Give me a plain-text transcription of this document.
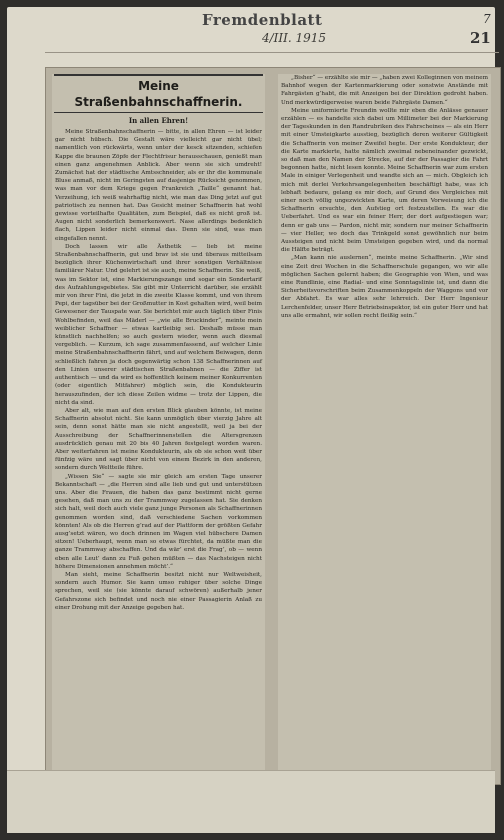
Fremdenblatt
4/III. 1915
7
21

Meine Straßenbahnschaffnerin.

In allen Ehren!

Meine Straßenbahnschaffnerin — bitte, in allen Ehren — ist leider gar nicht hübsch. Die Gestalt wäre vielleicht gar nicht übel; namentlich von rückwärts, wenn unter der kesck sitzenden, schiefen Kappe die braunen Zöpfe der Flechtfrisur herausschauen, genießt man einen ganz angenehmen Anblick. Aber wenn sie sich umdreht! Zumächst hat der städtische Amtsschneider, als er ihr die kommunale Bluse anmaß, nicht im Geringsten auf dasjenige Rücksicht genommen, was man vor dem Kriege gegen Frankreich „Taille“ genannt hat. Verzeihung, ich weiß wahrhaftig nicht, wie man das Ding jetzt auf gut patriotisch zu nennen hat. Das Gesicht meiner Schaffnerin hat wohl gewisse vorteilhafte Qualitäten, zum Beispiel, daß es nicht groß ist. Augen nicht sonderlich bemerkenswert. Nase allerdings bedenklich flach, Lippen leider nicht einmal das. Denn sie sind, was man eingefallen nennt.

Doch lassen wir alle Ästhetik — lieb ist meine Straßenbahnschaffnerin, gut und brav ist sie und überaus mitteilsam bezüglich ihrer Küchenwirtschaft und ihrer sonstigen Verhältnisse familiärer Natur. Und gelehrt ist sie auch, meine Schaffnerin. Sie weiß, was im Sektor ist, eine Markierungszange und sogar ein Sondertarif des Aufzahlungsgebietes. Sie gibt mir Unterricht darüber, sie erzählt mir von ihrer Fini, die jetzt in die zweite Klasse kommt, und von ihrem Pepi, der tagsüber bei der Großmutter in Kost gehalten wird, weil beim Gewesener der Tauspate war. Sie berichtet mir auch täglich über Finis Wohlbefinden, weil das Mäderl — „wie alle Bruckinder“, meinte mein weiblicher Schaffner — etwas kartleibig sei. Deshalb müsse man künstlich nachhelfen; so auch gestern wieder, wenn auch diesmal vergeblich. — Kurzum, ich sage zusammenfassend, auf welcher Linie meine Straßenbahnschaffnerin fährt, und auf welchem Beiwagen, denn schließlich fahren ja doch gegenwärtig schon 138 Schaffnerinnen auf den Linien unserer städtischen Straßenbahnen — die Ziffer ist authentisch — und da wird es hoffentlich keinem meiner Konkurrenten (oder eigentlich Mitfahrer) möglich sein, die Kondukteurin herauszufinden, der ich diese Zeilen widme — trotz der Lippen, die nicht da sind.

Aber alt, wie man auf den ersten Blick glauben könnte, ist meine Schaffnerin absolut nicht. Sie kann unmöglich über vierzig Jahre alt sein, denn sonst hätte man sie nicht angestellt, weil ja bei der Ausschreibung der Schaffnerinnenstellen die Altersgrenzen ausdrücklich genau mit 20 bis 40 Jahren festgelegt worden waren. Aber weiterfahren ist meine Kondukteurin, als ob sie schon weit über fünfzig wäre und sagt über nicht von einem Bezirk in den anderen, sondern durch Weltteile führe.

„Wissen Sie“ — sagte sie mir gleich am ersten Tage unserer Bekanntschaft — „die Herren sind alle lieb und gut und unterstützen uns. Aber die Frauen, die haben das ganz bestimmt nicht gerne gesehen, daß man uns zu der Trammway zugelassen hat. Sie denken sich halt, weil doch auch viele ganz junge Personen als Schaffnerinnen genommen worden sind, daß verschiedene Sachen vorkommen könnten! Als ob die Herren g’rad auf der Plattform der größten Gefahr ausg’setzt wären, wo doch drinnen im Wagen viel hübschere Damen sitzen! Ueberhaupt, wenn man so etwas fürchtet, da müßte man die ganze Trammway abschaffen. Und da wär’ erst die Frag’, ob — wenn eben alle Leut’ dann zu Fuß gehen müßten — das Nachsteigen nicht höhere Dimensionen annehmen möcht’.“

Man sieht, meine Schaffnerin besitzt nicht nur Weltweisheit, sondern auch Humor. Sie kann umso ruhiger über solche Dinge sprechen, weil sie (sie könnte darauf schwören) außerhalb jener Gefahrszone sich befindet und noch nie einer Passagierin Anlaß zu einer Drohung mit der Anzeige gegeben hat.

„Bisher“ — erzählte sie mir — „haben zwei Kolleginnen von meinem Bahnhof wegen der Kartenmarkierung oder sonstwie Anstände mit Fahrgästen g’habt, die mit Anzeigen bei der Direktion gedroht haben. Und merkwürdigerweise waren beide Fahrgäste Damen.“

Meine uniformierte Freundin wollte mir eben die Anlässe genauer erzählen — es handelte sich dabei um Millimeter bei der Markierung der Tageskunden in den Randrubriken des Fahrscheines — als ein Herr mit einer Umsteigkarte ausstieg, bezüglich deren weiterer Gültigkeit die Schaffnerin von meiner Zweifel hegte. Der erste Kondukteur, der die Karte markierte, hatte nämlich zweimal nebeneinander gezwickt, so daß man den Namen der Strecke, auf der der Passagier die Fahrt begonnen hatte, nicht lesen konnte. Meine Schaffnerin war zum ersten Male in einiger Verlegenheit und wandte sich an — mich. Obgleich ich mich mit derlei Verkehrsangelegenheiten beschäftigt habe, was ich lebhaft bedaure, gelang es mir doch, auf Grund des Vergleiches mit einer noch völlig ungezwickten Karte, um deren Vorweisung ich die Schaffnerin ersuchte, den Aufstieg ort festzustellen. Es war die Ueberfahrt. Und es war ein feiner Herr, der dort aufgestiegen war; denn er gab uns — Pardon, nicht mir, sondern nur meiner Schaffnerin — vier Heller, wo doch das Trinkgeld sonst gewöhnlich nur beim Aussteigen und nicht beim Umsteigen gegeben wird, und da normal die Hälfte beträgt.

„Man kann nie auslernen“, meinte meine Schaffnerin. „Wir sind eine Zeit drei Wochen in die Schaffnerschule gegangen, wo wir alle möglichen Sachen gelernt haben; die Geographie von Wien, und was eine Rundlinie, eine Radial- und eine Sonntagslinie ist, und dann die Sicherheitsvorschriften beim Zusammenkoppeln der Waggons und vor der Abfahrt. Es war alles sehr lehrreich. Der Herr Ingenieur Lerchenfelder, unser Herr Betriebsinspektor, ist ein guter Herr und hat uns alle ermahnt, wir sollen recht fleißig sein.“
